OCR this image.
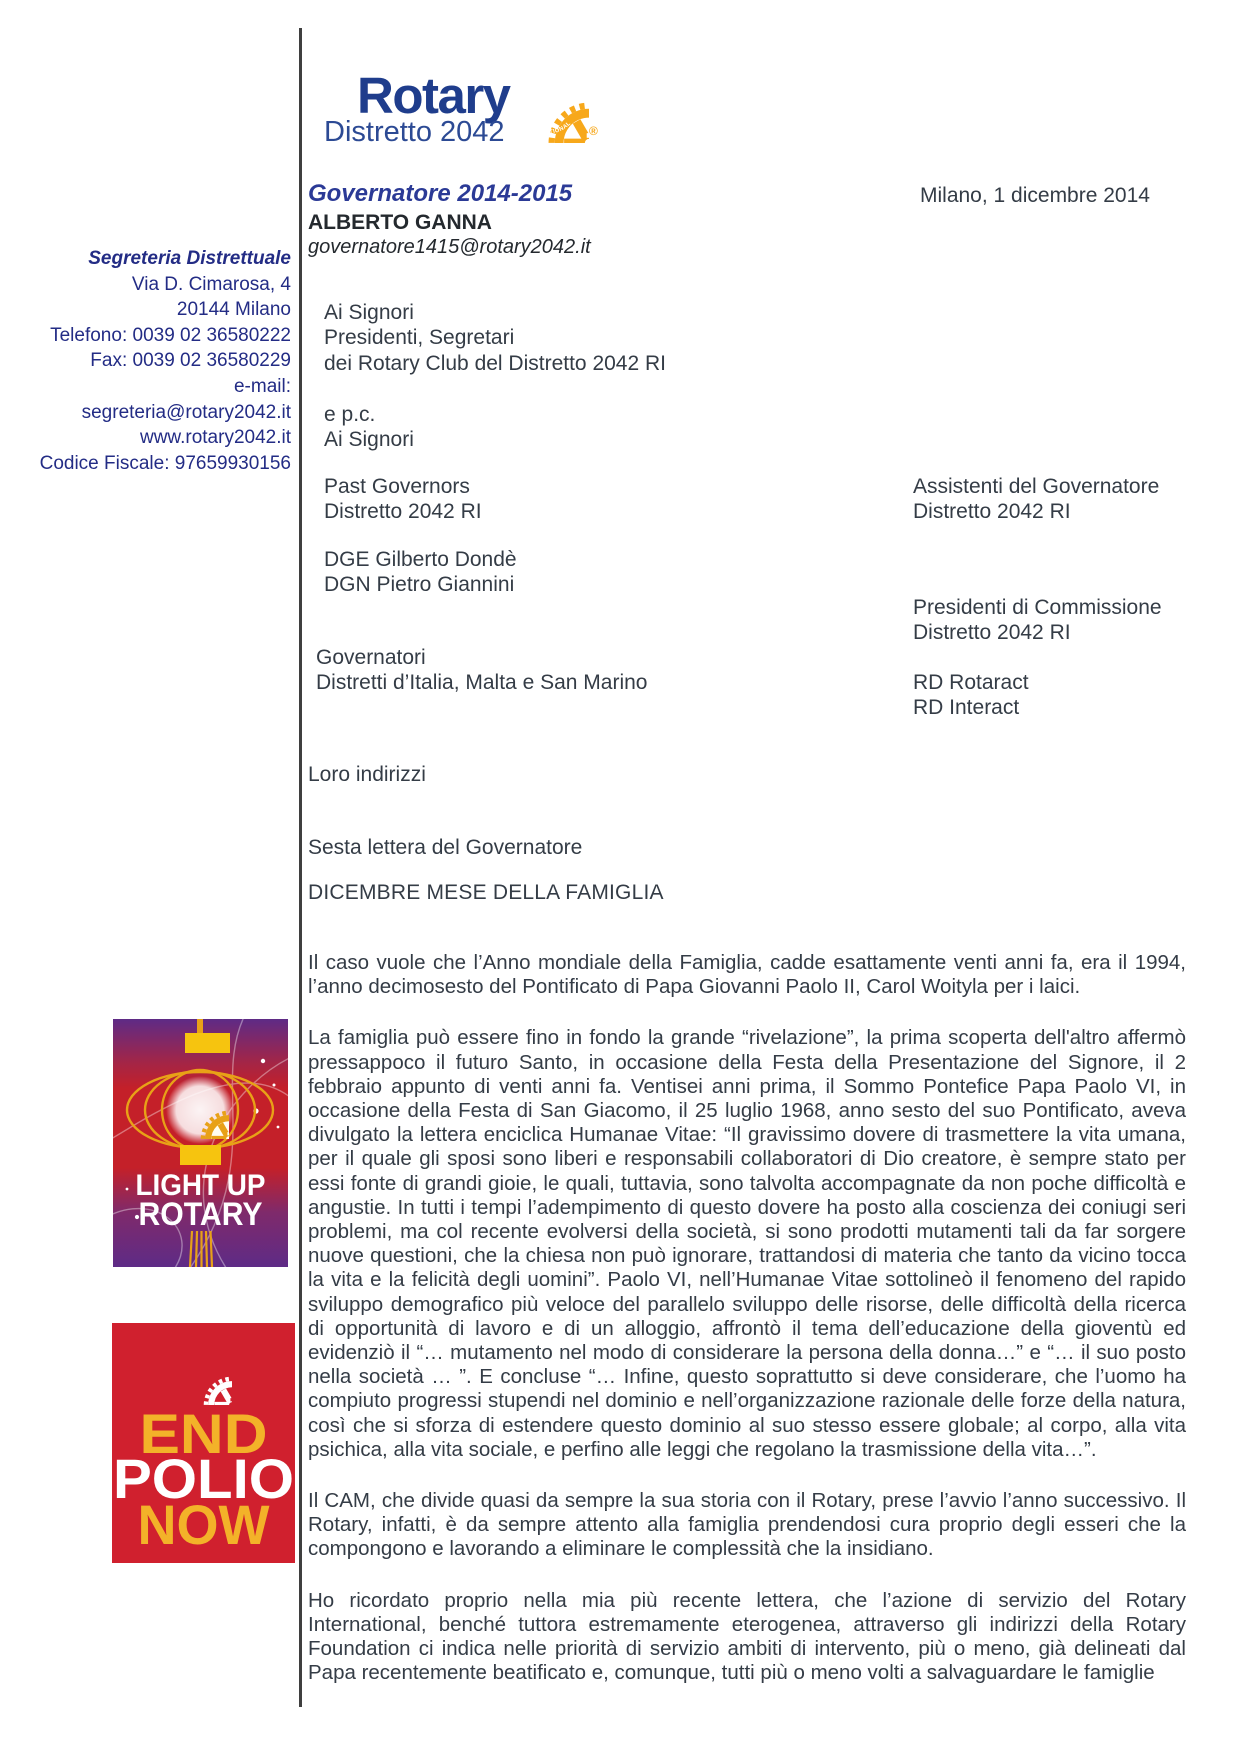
Rotary ROTARY
INTERNATIONAL ®
Distretto 2042
Governatore 2014-2015
ALBERTO GANNA
governatore1415@rotary2042.it
Milano, 1 dicembre 2014
Segreteria Distrettuale
Via D. Cimarosa, 4
20144 Milano
Telefono: 0039 02 36580222
Fax: 0039 02 36580229
e-mail:
segreteria@rotary2042.it
www.rotary2042.it
Codice Fiscale: 97659930156
Ai Signori
Presidenti, Segretari
dei Rotary Club del Distretto 2042 RI
e p.c.
Ai Signori
Past Governors
Distretto 2042 RI
DGE Gilberto Dondè
DGN Pietro Giannini
Governatori
Distretti d’Italia, Malta e San Marino
Assistenti del Governatore
Distretto 2042 RI
Presidenti di Commissione
Distretto 2042 RI
RD Rotaract
RD Interact
Loro indirizzi
Sesta lettera del Governatore
DICEMBRE MESE DELLA FAMIGLIA

Il caso vuole che l’Anno mondiale della Famiglia, cadde esattamente venti anni fa, era il 1994, l’anno decimosesto del Pontificato di Papa Giovanni Paolo II, Carol Woityla per i laici.

La famiglia può essere fino in fondo la grande “rivelazione”, la prima scoperta dell'altro affermò pressappoco il futuro Santo, in occasione della Festa della Presentazione del Signore, il 2 febbraio appunto di venti anni fa. Ventisei anni prima, il Sommo Pontefice Papa Paolo VI, in occasione della Festa di San Giacomo, il 25 luglio 1968, anno sesto del suo Pontificato, aveva divulgato la lettera enciclica Humanae Vitae: “Il gravissimo dovere di trasmettere la vita umana, per il quale gli sposi sono liberi e responsabili collaboratori di Dio creatore, è sempre stato per essi fonte di grandi gioie, le quali, tuttavia, sono talvolta accompagnate da non poche difficoltà e angustie. In tutti i tempi l’adempimento di questo dovere ha posto alla coscienza dei coniugi seri problemi, ma col recente evolversi della società, si sono prodotti mutamenti tali da far sorgere nuove questioni, che la chiesa non può ignorare, trattandosi di materia che tanto da vicino tocca la vita e la felicità degli uomini”. Paolo VI, nell’Humanae Vitae sottolineò il fenomeno del rapido sviluppo demografico più veloce del parallelo sviluppo delle risorse, delle difficoltà della ricerca di opportunità di lavoro e di un alloggio, affrontò il tema dell’educazione della gioventù ed evidenziò il “… mutamento nel modo di considerare la persona della donna…” e “… il suo posto nella società … ”. E concluse “… Infine, questo soprattutto si deve considerare, che l’uomo ha compiuto progressi stupendi nel dominio e nell’organizzazione razionale delle forze della natura, così che si sforza di estendere questo dominio al suo stesso essere globale; al corpo, alla vita psichica, alla vita sociale, e perfino alle leggi che regolano la trasmissione della vita…”.

Il CAM, che divide quasi da sempre la sua storia con il Rotary, prese l’avvio l’anno successivo. Il Rotary, infatti, è da sempre attento alla famiglia prendendosi cura proprio degli esseri che la compongono e lavorando a eliminare le complessità che la insidiano.

Ho ricordato proprio nella mia più recente lettera, che l’azione di servizio del Rotary International, benché tuttora estremamente eterogenea, attraverso gli indirizzi della Rotary Foundation ci indica nelle priorità di servizio ambiti di intervento, più o meno, già delineati dal Papa recentemente beatificato e, comunque, tutti più o meno volti a salvaguardare le famiglie

LIGHT UP
ROTARY
END
POLIO
NOW
